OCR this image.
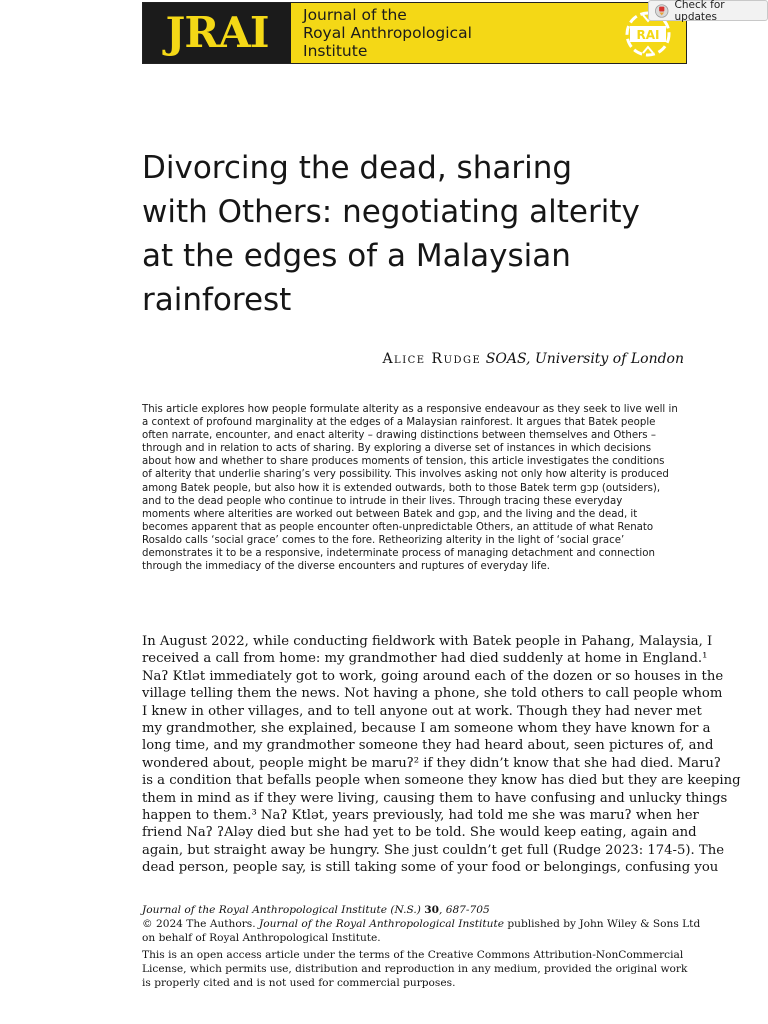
JRAI Journal of the
Royal Anthropological
Institute
RAI
Check for updates
Divorcing the dead, sharing
with Others: negotiating alterity
at the edges of a Malaysian
rainforest
Alice Rudge SOAS, University of London
This article explores how people formulate alterity as a responsive endeavour as they seek to live well in
a context of profound marginality at the edges of a Malaysian rainforest. It argues that Batek people
often narrate, encounter, and enact alterity – drawing distinctions between themselves and Others –
through and in relation to acts of sharing. By exploring a diverse set of instances in which decisions
about how and whether to share produces moments of tension, this article investigates the conditions
of alterity that underlie sharing’s very possibility. This involves asking not only how alterity is produced
among Batek people, but also how it is extended outwards, both to those Batek term gɔp (outsiders),
and to the dead people who continue to intrude in their lives. Through tracing these everyday
moments where alterities are worked out between Batek and gɔp, and the living and the dead, it
becomes apparent that as people encounter often-unpredictable Others, an attitude of what Renato
Rosaldo calls ‘social grace’ comes to the fore. Retheorizing alterity in the light of ‘social grace’
demonstrates it to be a responsive, indeterminate process of managing detachment and connection
through the immediacy of the diverse encounters and ruptures of everyday life.
In August 2022, while conducting fieldwork with Batek people in Pahang, Malaysia, I
received a call from home: my grandmother had died suddenly at home in England.¹
Naʔ Ktlət immediately got to work, going around each of the dozen or so houses in the
village telling them the news. Not having a phone, she told others to call people whom
I knew in other villages, and to tell anyone out at work. Though they had never met
my grandmother, she explained, because I am someone whom they have known for a
long time, and my grandmother someone they had heard about, seen pictures of, and
wondered about, people might be maruʔ² if they didn’t know that she had died. Maruʔ
is a condition that befalls people when someone they know has died but they are keeping
them in mind as if they were living, causing them to have confusing and unlucky things
happen to them.³ Naʔ Ktlət, years previously, had told me she was maruʔ when her
friend Naʔ ʔAləy died but she had yet to be told. She would keep eating, again and
again, but straight away be hungry. She just couldn’t get full (Rudge 2023: 174-5). The
dead person, people say, is still taking some of your food or belongings, confusing you
Journal of the Royal Anthropological Institute (N.S.) 30, 687-705
© 2024 The Authors. Journal of the Royal Anthropological Institute published by John Wiley & Sons Ltd
on behalf of Royal Anthropological Institute.
This is an open access article under the terms of the Creative Commons Attribution-NonCommercial
License, which permits use, distribution and reproduction in any medium, provided the original work
is properly cited and is not used for commercial purposes.
